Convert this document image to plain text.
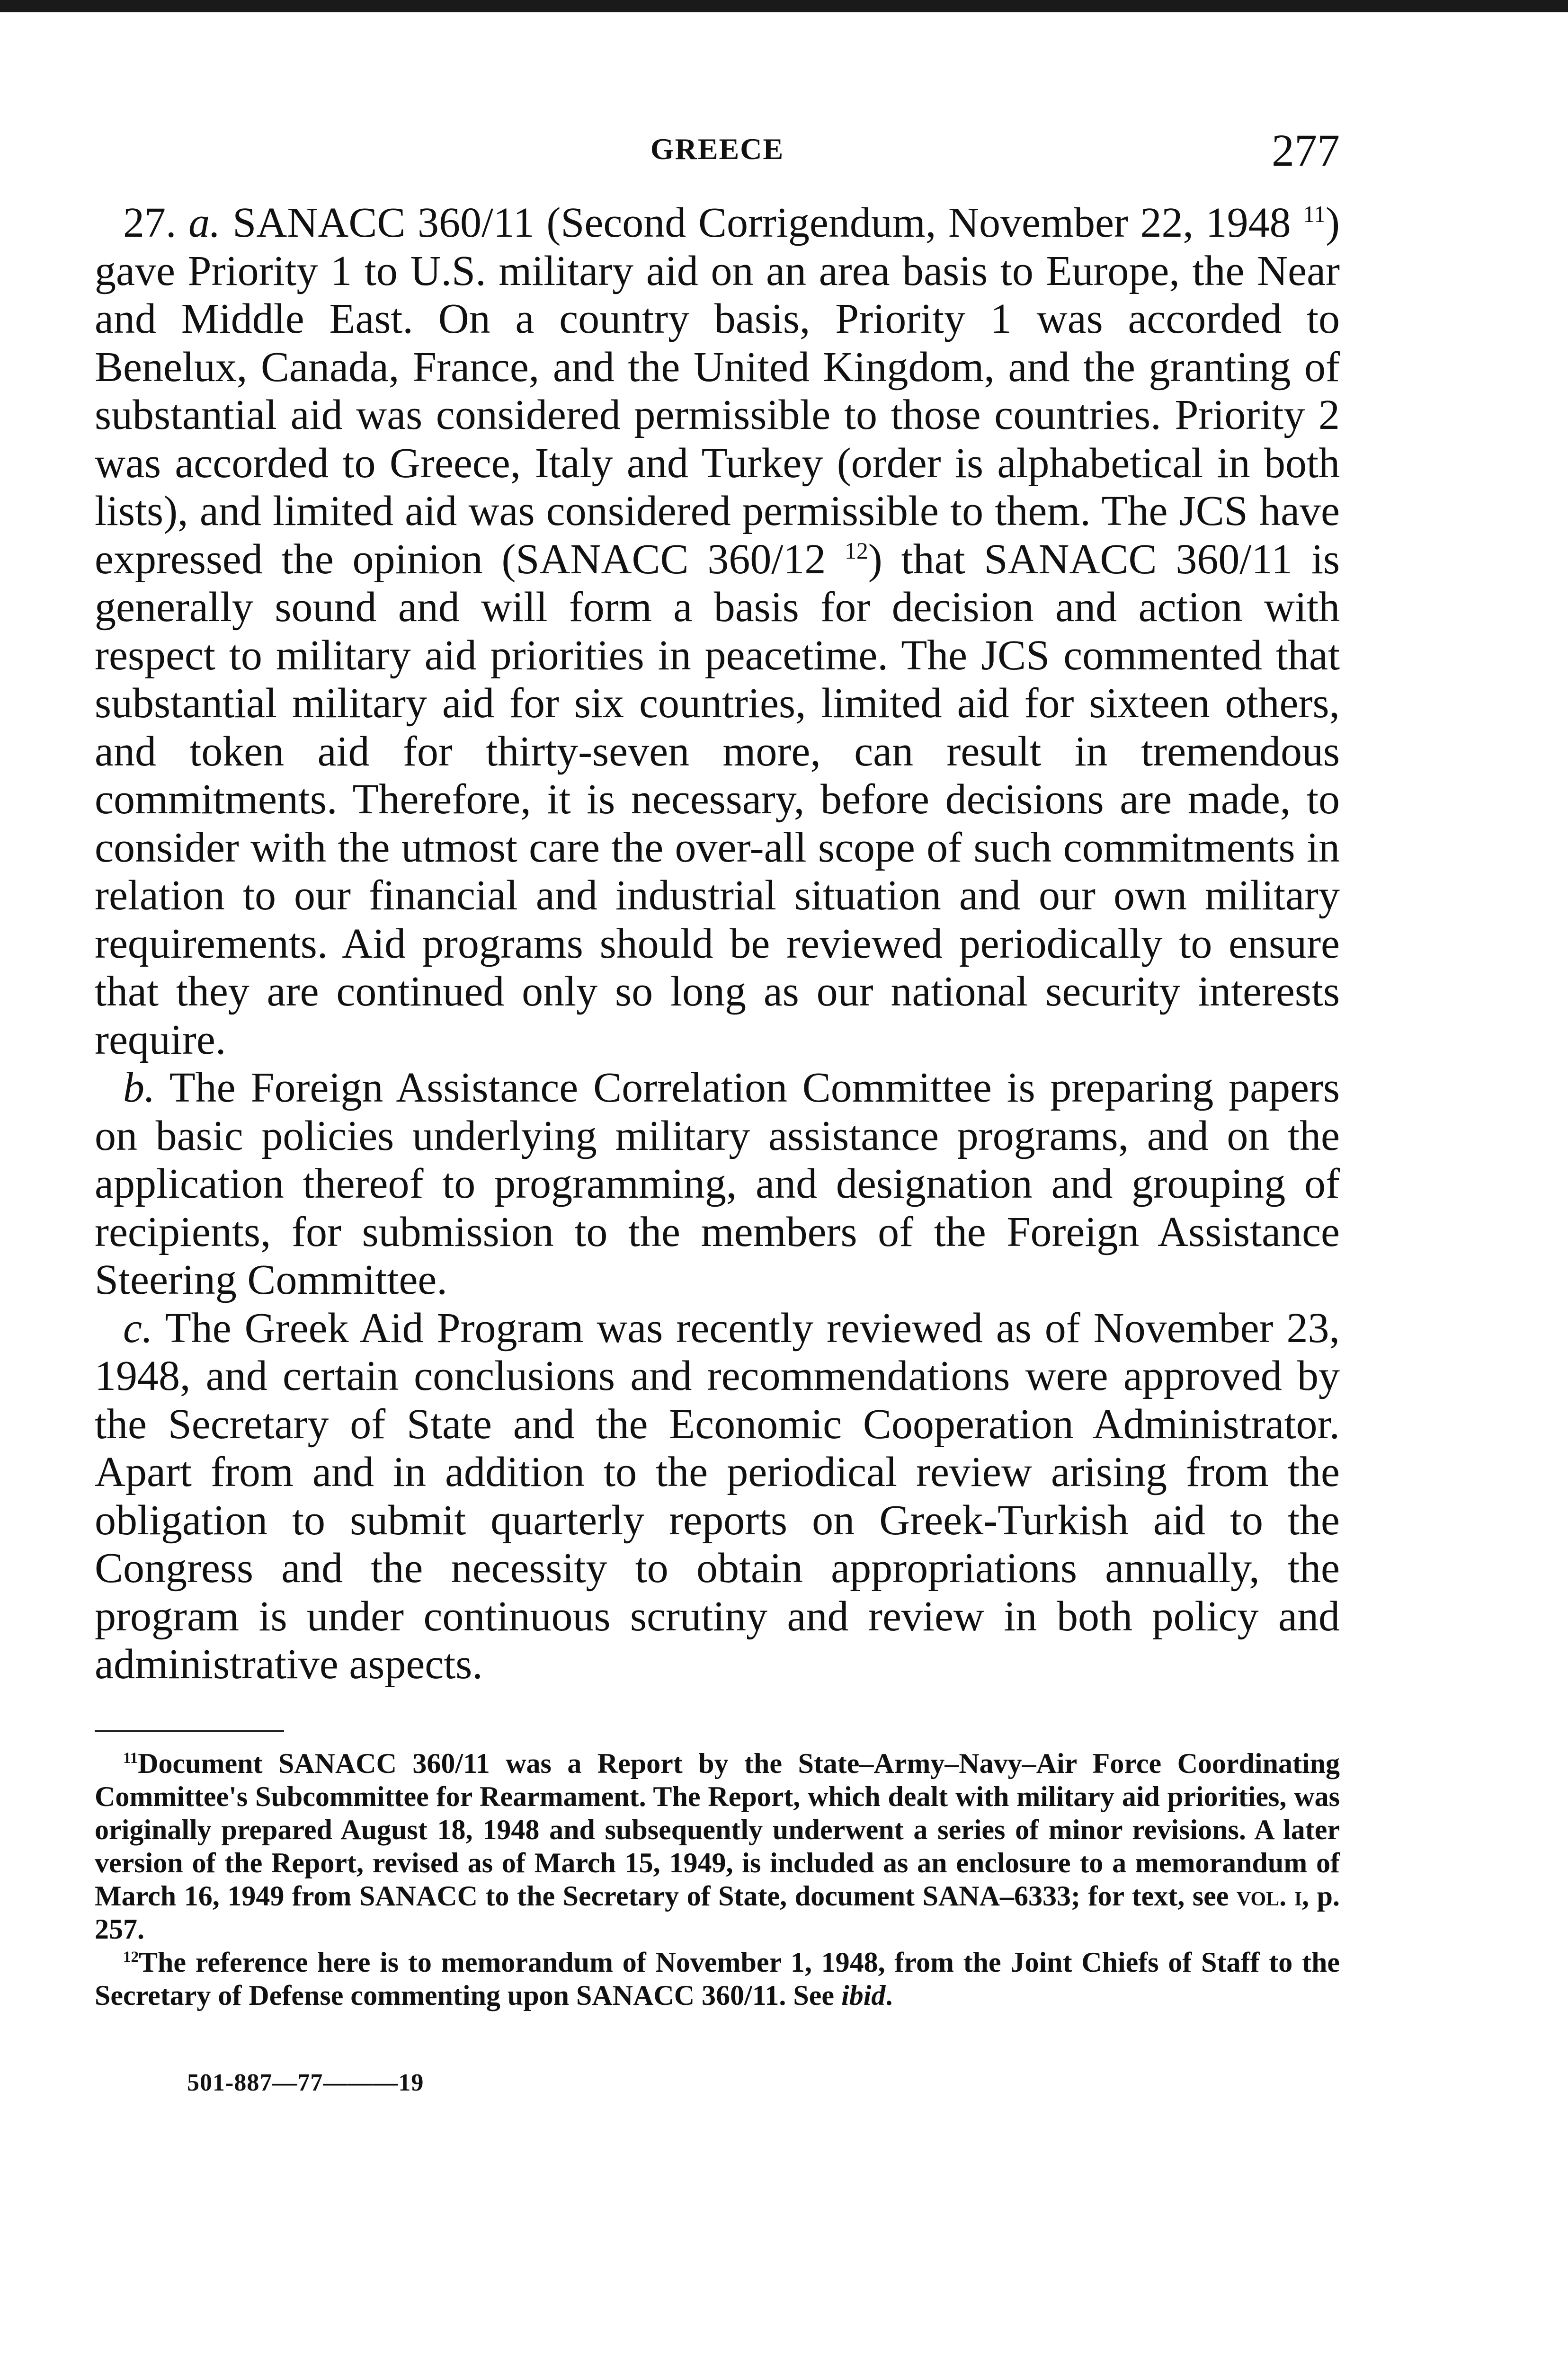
GREECE	277

27. a. SANACC 360/11 (Second Corrigendum, November 22, 1948 $^{11}$) gave Priority 1 to U.S. military aid on an area basis to Europe, the Near and Middle East. On a country basis, Priority 1 was accorded to Benelux, Canada, France, and the United Kingdom, and the granting of substantial aid was considered permissible to those countries. Priority 2 was accorded to Greece, Italy and Turkey (order is alphabetical in both lists), and limited aid was considered permissible to them. The JCS have expressed the opinion (SANACC 360/12 $^{12}$) that SANACC 360/11 is generally sound and will form a basis for decision and action with respect to military aid priorities in peacetime. The JCS commented that substantial military aid for six countries, limited aid for sixteen others, and token aid for thirty-seven more, can result in tremendous commitments. Therefore, it is necessary, before decisions are made, to consider with the utmost care the over-all scope of such commitments in relation to our financial and industrial situation and our own military requirements. Aid programs should be reviewed periodically to ensure that they are continued only so long as our national security interests require.

b. The Foreign Assistance Correlation Committee is preparing papers on basic policies underlying military assistance programs, and on the application thereof to programming, and designation and grouping of recipients, for submission to the members of the Foreign Assistance Steering Committee.

c. The Greek Aid Program was recently reviewed as of November 23, 1948, and certain conclusions and recommendations were approved by the Secretary of State and the Economic Cooperation Administrator. Apart from and in addition to the periodical review arising from the obligation to submit quarterly reports on Greek-Turkish aid to the Congress and the necessity to obtain appropriations annually, the program is under continuous scrutiny and review in both policy and administrative aspects.

$^{11}$Document SANACC 360/11 was a Report by the State–Army–Navy–Air Force Coordinating Committee's Subcommittee for Rearmament. The Report, which dealt with military aid priorities, was originally prepared August 18, 1948 and subsequently underwent a series of minor revisions. A later version of the Report, revised as of March 15, 1949, is included as an enclosure to a memorandum of March 16, 1949 from SANACC to the Secretary of State, document SANA–6333; for text, see vol. i, p. 257.

$^{12}$The reference here is to memorandum of November 1, 1948, from the Joint Chiefs of Staff to the Secretary of Defense commenting upon SANACC 360/11. See ibid.

501-887—77———19
